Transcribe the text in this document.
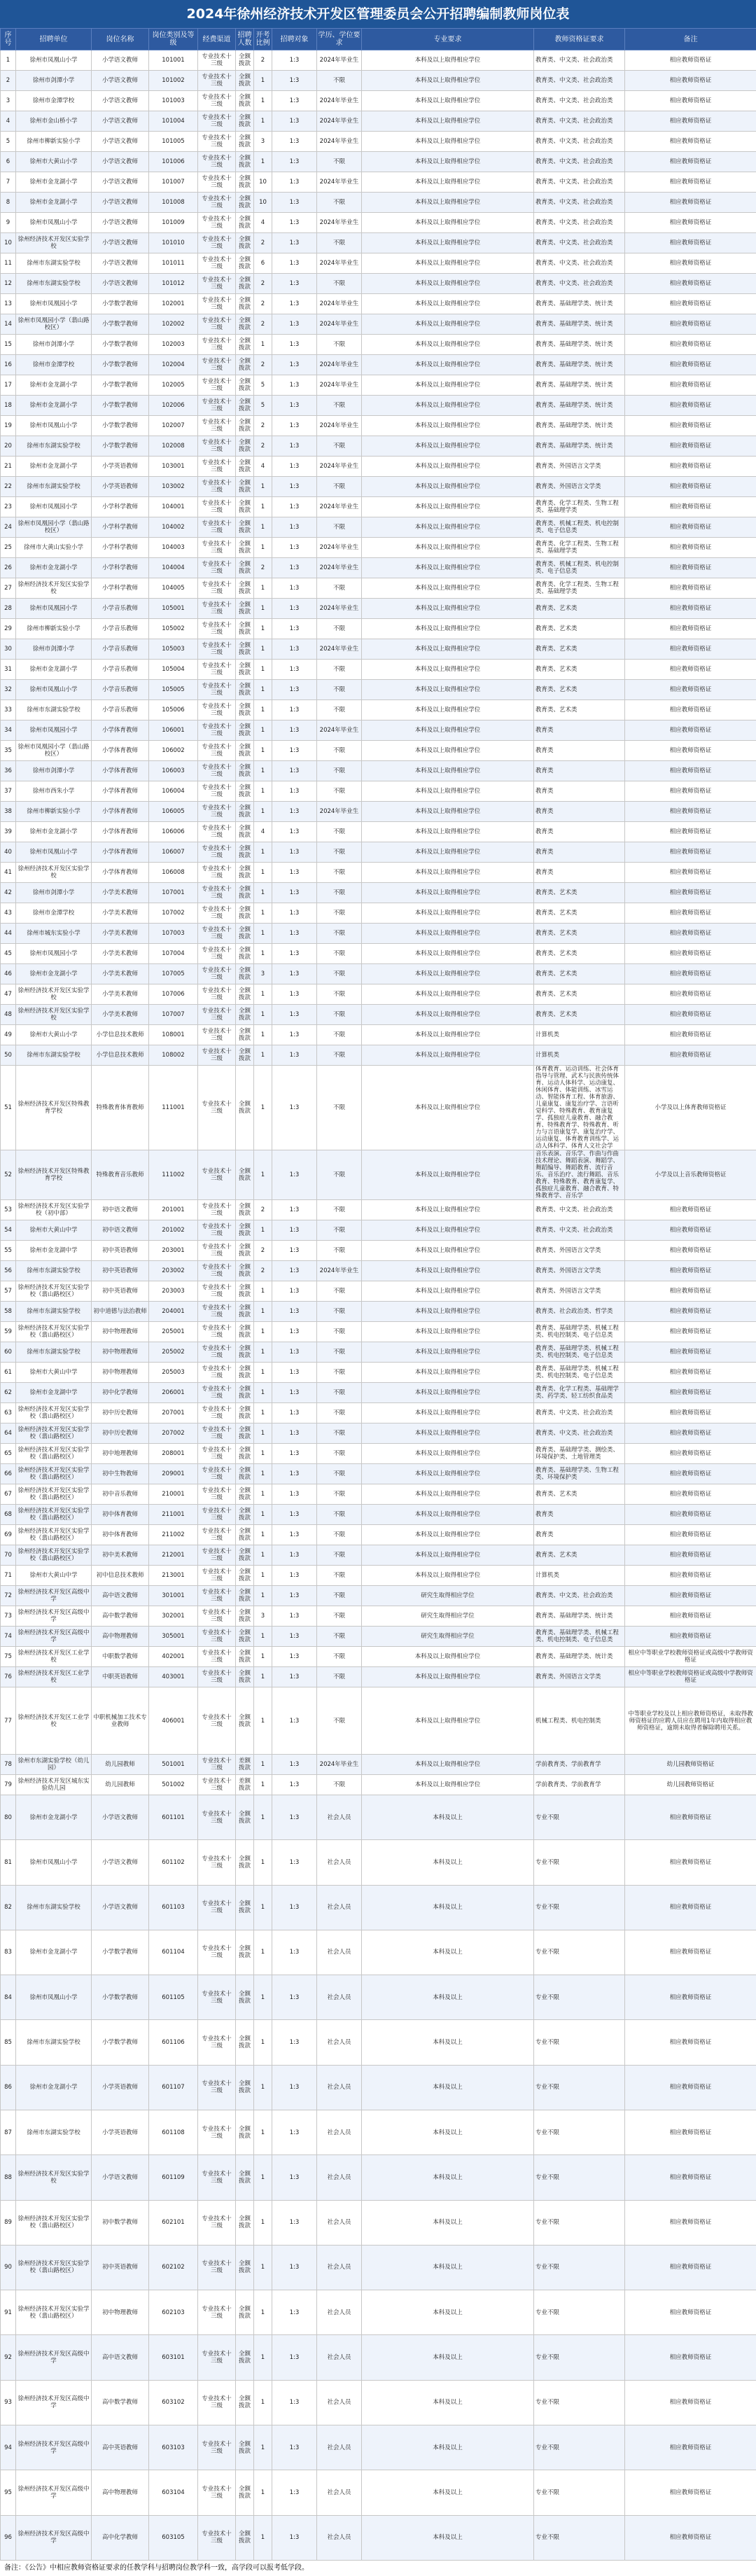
2024年徐州经济技术开发区管理委员会公开招聘编制教师岗位表
序号	招聘单位	岗位名称	岗位类别及等级	经费渠道	招聘人数	开考比例	招聘对象	学历、学位要求	专业要求	教师资格证要求	备注	
1	徐州市凤凰山小学	小学语文教师	101001	专业技术十三级	全额拨款	2	1:3	2024年毕业生	本科及以上取得相应学位	教育类、中文类、社会政治类	相应教师资格证	
2	徐州市剑潭小学	小学语文教师	101002	专业技术十三级	全额拨款	1	1:3	不限	本科及以上取得相应学位	教育类、中文类、社会政治类	相应教师资格证	
3	徐州市金潭学校	小学语文教师	101003	专业技术十三级	全额拨款	1	1:3	2024年毕业生	本科及以上取得相应学位	教育类、中文类、社会政治类	相应教师资格证	
4	徐州市金山桥小学	小学语文教师	101004	专业技术十三级	全额拨款	1	1:3	2024年毕业生	本科及以上取得相应学位	教育类、中文类、社会政治类	相应教师资格证	
5	徐州市柳新实验小学	小学语文教师	101005	专业技术十三级	全额拨款	3	1:3	2024年毕业生	本科及以上取得相应学位	教育类、中文类、社会政治类	相应教师资格证	
6	徐州市大黄山小学	小学语文教师	101006	专业技术十三级	全额拨款	1	1:3	不限	本科及以上取得相应学位	教育类、中文类、社会政治类	相应教师资格证	
7	徐州市金龙湖小学	小学语文教师	101007	专业技术十三级	全额拨款	10	1:3	2024年毕业生	本科及以上取得相应学位	教育类、中文类、社会政治类	相应教师资格证	
8	徐州市金龙湖小学	小学语文教师	101008	专业技术十三级	全额拨款	10	1:3	不限	本科及以上取得相应学位	教育类、中文类、社会政治类	相应教师资格证	
9	徐州市凤凰山小学	小学语文教师	101009	专业技术十三级	全额拨款	4	1:3	2024年毕业生	本科及以上取得相应学位	教育类、中文类、社会政治类	相应教师资格证	
10	徐州经济技术开发区实验学校	小学语文教师	101010	专业技术十三级	全额拨款	2	1:3	不限	本科及以上取得相应学位	教育类、中文类、社会政治类	相应教师资格证	
11	徐州市东湖实验学校	小学语文教师	101011	专业技术十三级	全额拨款	6	1:3	2024年毕业生	本科及以上取得相应学位	教育类、中文类、社会政治类	相应教师资格证	
12	徐州市东湖实验学校	小学语文教师	101012	专业技术十三级	全额拨款	2	1:3	不限	本科及以上取得相应学位	教育类、中文类、社会政治类	相应教师资格证	
13	徐州市凤凰园小学	小学数学教师	102001	专业技术十三级	全额拨款	2	1:3	2024年毕业生	本科及以上取得相应学位	教育类、基础理学类、统计类	相应教师资格证	
14	徐州市凤凰园小学（翡山路校区）	小学数学教师	102002	专业技术十三级	全额拨款	2	1:3	2024年毕业生	本科及以上取得相应学位	教育类、基础理学类、统计类	相应教师资格证	
15	徐州市剑潭小学	小学数学教师	102003	专业技术十三级	全额拨款	1	1:3	不限	本科及以上取得相应学位	教育类、基础理学类、统计类	相应教师资格证	
16	徐州市金潭学校	小学数学教师	102004	专业技术十三级	全额拨款	2	1:3	2024年毕业生	本科及以上取得相应学位	教育类、基础理学类、统计类	相应教师资格证	
17	徐州市金龙湖小学	小学数学教师	102005	专业技术十三级	全额拨款	5	1:3	2024年毕业生	本科及以上取得相应学位	教育类、基础理学类、统计类	相应教师资格证	
18	徐州市金龙湖小学	小学数学教师	102006	专业技术十三级	全额拨款	5	1:3	不限	本科及以上取得相应学位	教育类、基础理学类、统计类	相应教师资格证	
19	徐州市凤凰山小学	小学数学教师	102007	专业技术十三级	全额拨款	2	1:3	2024年毕业生	本科及以上取得相应学位	教育类、基础理学类、统计类	相应教师资格证	
20	徐州市东湖实验学校	小学数学教师	102008	专业技术十三级	全额拨款	2	1:3	不限	本科及以上取得相应学位	教育类、基础理学类、统计类	相应教师资格证	
21	徐州市金龙湖小学	小学英语教师	103001	专业技术十三级	全额拨款	4	1:3	2024年毕业生	本科及以上取得相应学位	教育类、外国语言文学类	相应教师资格证	
22	徐州市东湖实验学校	小学英语教师	103002	专业技术十三级	全额拨款	1	1:3	不限	本科及以上取得相应学位	教育类、外国语言文学类	相应教师资格证	
23	徐州市凤凰园小学	小学科学教师	104001	专业技术十三级	全额拨款	1	1:3	2024年毕业生	本科及以上取得相应学位	教育类、化学工程类、生物工程类、基础理学类	相应教师资格证	
24	徐州市凤凰园小学（翡山路校区）	小学科学教师	104002	专业技术十三级	全额拨款	1	1:3	不限	本科及以上取得相应学位	教育类、机械工程类、机电控制类、电子信息类	相应教师资格证	
25	徐州市大黄山实验小学	小学科学教师	104003	专业技术十三级	全额拨款	1	1:3	2024年毕业生	本科及以上取得相应学位	教育类、化学工程类、生物工程类、基础理学类	相应教师资格证	
26	徐州市金龙湖小学	小学科学教师	104004	专业技术十三级	全额拨款	2	1:3	2024年毕业生	本科及以上取得相应学位	教育类、机械工程类、机电控制类、电子信息类	相应教师资格证	
27	徐州经济技术开发区实验学校	小学科学教师	104005	专业技术十三级	全额拨款	1	1:3	不限	本科及以上取得相应学位	教育类、化学工程类、生物工程类、基础理学类	相应教师资格证	
28	徐州市凤凰园小学	小学音乐教师	105001	专业技术十三级	全额拨款	1	1:3	2024年毕业生	本科及以上取得相应学位	教育类、艺术类	相应教师资格证	
29	徐州市柳新实验小学	小学音乐教师	105002	专业技术十三级	全额拨款	1	1:3	不限	本科及以上取得相应学位	教育类、艺术类	相应教师资格证	
30	徐州市剑潭小学	小学音乐教师	105003	专业技术十三级	全额拨款	1	1:3	2024年毕业生	本科及以上取得相应学位	教育类、艺术类	相应教师资格证	
31	徐州市金龙湖小学	小学音乐教师	105004	专业技术十三级	全额拨款	1	1:3	不限	本科及以上取得相应学位	教育类、艺术类	相应教师资格证	
32	徐州市凤凰山小学	小学音乐教师	105005	专业技术十三级	全额拨款	1	1:3	不限	本科及以上取得相应学位	教育类、艺术类	相应教师资格证	
33	徐州市东湖实验学校	小学音乐教师	105006	专业技术十三级	全额拨款	1	1:3	不限	本科及以上取得相应学位	教育类、艺术类	相应教师资格证	
34	徐州市凤凰园小学	小学体育教师	106001	专业技术十三级	全额拨款	1	1:3	2024年毕业生	本科及以上取得相应学位	教育类	相应教师资格证	
35	徐州市凤凰园小学（翡山路校区）	小学体育教师	106002	专业技术十三级	全额拨款	1	1:3	不限	本科及以上取得相应学位	教育类	相应教师资格证	
36	徐州市剑潭小学	小学体育教师	106003	专业技术十三级	全额拨款	1	1:3	不限	本科及以上取得相应学位	教育类	相应教师资格证	
37	徐州市西朱小学	小学体育教师	106004	专业技术十三级	全额拨款	1	1:3	不限	本科及以上取得相应学位	教育类	相应教师资格证	
38	徐州市柳新实验小学	小学体育教师	106005	专业技术十三级	全额拨款	1	1:3	2024年毕业生	本科及以上取得相应学位	教育类	相应教师资格证	
39	徐州市金龙湖小学	小学体育教师	106006	专业技术十三级	全额拨款	4	1:3	不限	本科及以上取得相应学位	教育类	相应教师资格证	
40	徐州市凤凰山小学	小学体育教师	106007	专业技术十三级	全额拨款	1	1:3	不限	本科及以上取得相应学位	教育类	相应教师资格证	
41	徐州经济技术开发区实验学校	小学体育教师	106008	专业技术十三级	全额拨款	1	1:3	不限	本科及以上取得相应学位	教育类	相应教师资格证	
42	徐州市剑潭小学	小学美术教师	107001	专业技术十三级	全额拨款	1	1:3	不限	本科及以上取得相应学位	教育类、艺术类	相应教师资格证	
43	徐州市金潭学校	小学美术教师	107002	专业技术十三级	全额拨款	1	1:3	不限	本科及以上取得相应学位	教育类、艺术类	相应教师资格证	
44	徐州市城东实验小学	小学美术教师	107003	专业技术十三级	全额拨款	1	1:3	不限	本科及以上取得相应学位	教育类、艺术类	相应教师资格证	
45	徐州市凤凰园小学	小学美术教师	107004	专业技术十三级	全额拨款	1	1:3	不限	本科及以上取得相应学位	教育类、艺术类	相应教师资格证	
46	徐州市金龙湖小学	小学美术教师	107005	专业技术十三级	全额拨款	3	1:3	不限	本科及以上取得相应学位	教育类、艺术类	相应教师资格证	
47	徐州经济技术开发区实验学校	小学美术教师	107006	专业技术十三级	全额拨款	1	1:3	不限	本科及以上取得相应学位	教育类、艺术类	相应教师资格证	
48	徐州经济技术开发区实验学校	小学美术教师	107007	专业技术十三级	全额拨款	1	1:3	不限	本科及以上取得相应学位	教育类、艺术类	相应教师资格证	
49	徐州市大黄山小学	小学信息技术教师	108001	专业技术十三级	全额拨款	1	1:3	不限	本科及以上取得相应学位	计算机类	相应教师资格证	
50	徐州市东湖实验学校	小学信息技术教师	108002	专业技术十三级	全额拨款	1	1:3	不限	本科及以上取得相应学位	计算机类	相应教师资格证	
51	徐州经济技术开发区特殊教育学校	特殊教育体育教师	111001	专业技术十三级	全额拨款	1	1:3	不限	本科及以上取得相应学位	体育教育、运动训练、社会体育指导与管理、武术与民族传统体育、运动人体科学、运动康复、休闲体育、体能训练、冰雪运动、智能体育工程、体育旅游、儿童康复、康复治疗学、言语听觉科学、特殊教育、教育康复学、孤独症儿童教育、融合教育、特殊教育学、特殊教育、听力与言语康复学、康复治疗学、运动康复、体育教育训练学、运动人体科学、体育人文社会学	小学及以上体育教师资格证	
52	徐州经济技术开发区特殊教育学校	特殊教育音乐教师	111002	专业技术十三级	全额拨款	1	1:3	不限	本科及以上取得相应学位	音乐表演、音乐学、作曲与作曲技术理论、舞蹈表演、舞蹈学、舞蹈编导、舞蹈教育、流行音乐、音乐治疗、流行舞蹈、音乐教育、特殊教育、教育康复学、孤独症儿童教育、融合教育、特殊教育学、音乐学	小学及以上音乐教师资格证	
53	徐州经济技术开发区实验学校（初中部）	初中语文教师	201001	专业技术十三级	全额拨款	2	1:3	不限	本科及以上取得相应学位	教育类、中文类、社会政治类	相应教师资格证	
54	徐州市大黄山中学	初中语文教师	201002	专业技术十三级	全额拨款	1	1:3	不限	本科及以上取得相应学位	教育类、中文类、社会政治类	相应教师资格证	
55	徐州市金龙湖中学	初中英语教师	203001	专业技术十三级	全额拨款	2	1:3	不限	本科及以上取得相应学位	教育类、外国语言文学类	相应教师资格证	
56	徐州市东湖实验学校	初中英语教师	203002	专业技术十三级	全额拨款	2	1:3	2024年毕业生	本科及以上取得相应学位	教育类、外国语言文学类	相应教师资格证	
57	徐州经济技术开发区实验学校（翡山路校区）	初中英语教师	203003	专业技术十三级	全额拨款	1	1:3	不限	本科及以上取得相应学位	教育类、外国语言文学类	相应教师资格证	
58	徐州市东湖实验学校	初中道德与法治教师	204001	专业技术十三级	全额拨款	1	1:3	不限	本科及以上取得相应学位	教育类、社会政治类、哲学类	相应教师资格证	
59	徐州经济技术开发区实验学校（翡山路校区）	初中物理教师	205001	专业技术十三级	全额拨款	1	1:3	不限	本科及以上取得相应学位	教育类、基础理学类、机械工程类、机电控制类、电子信息类	相应教师资格证	
60	徐州市东湖实验学校	初中物理教师	205002	专业技术十三级	全额拨款	1	1:3	不限	本科及以上取得相应学位	教育类、基础理学类、机械工程类、机电控制类、电子信息类	相应教师资格证	
61	徐州市大黄山中学	初中物理教师	205003	专业技术十三级	全额拨款	1	1:3	不限	本科及以上取得相应学位	教育类、基础理学类、机械工程类、机电控制类、电子信息类	相应教师资格证	
62	徐州市金龙湖中学	初中化学教师	206001	专业技术十三级	全额拨款	1	1:3	不限	本科及以上取得相应学位	教育类、化学工程类、基础理学类、药学类、轻工纺织食品类	相应教师资格证	
63	徐州经济技术开发区实验学校（翡山路校区）	初中历史教师	207001	专业技术十三级	全额拨款	1	1:3	不限	本科及以上取得相应学位	教育类、中文类、社会政治类	相应教师资格证	
64	徐州经济技术开发区实验学校（翡山路校区）	初中历史教师	207002	专业技术十三级	全额拨款	1	1:3	不限	本科及以上取得相应学位	教育类、中文类、社会政治类	相应教师资格证	
65	徐州经济技术开发区实验学校（翡山路校区）	初中地理教师	208001	专业技术十三级	全额拨款	1	1:3	不限	本科及以上取得相应学位	教育类、基础理学类、测绘类、环境保护类、土地管理类	相应教师资格证	
66	徐州经济技术开发区实验学校（翡山路校区）	初中生物教师	209001	专业技术十三级	全额拨款	1	1:3	不限	本科及以上取得相应学位	教育类、基础理学类、生物工程类、环境保护类	相应教师资格证	
67	徐州经济技术开发区实验学校（翡山路校区）	初中音乐教师	210001	专业技术十三级	全额拨款	1	1:3	不限	本科及以上取得相应学位	教育类、艺术类	相应教师资格证	
68	徐州经济技术开发区实验学校（翡山路校区）	初中体育教师	211001	专业技术十三级	全额拨款	1	1:3	不限	本科及以上取得相应学位	教育类	相应教师资格证	
69	徐州经济技术开发区实验学校（翡山路校区）	初中体育教师	211002	专业技术十三级	全额拨款	1	1:3	不限	本科及以上取得相应学位	教育类	相应教师资格证	
70	徐州经济技术开发区实验学校（翡山路校区）	初中美术教师	212001	专业技术十三级	全额拨款	1	1:3	不限	本科及以上取得相应学位	教育类、艺术类	相应教师资格证	
71	徐州市大黄山中学	初中信息技术教师	213001	专业技术十三级	全额拨款	1	1:3	不限	本科及以上取得相应学位	计算机类	相应教师资格证	
72	徐州经济技术开发区高级中学	高中语文教师	301001	专业技术十三级	全额拨款	1	1:3	不限	研究生取得相应学位	教育类、中文类、社会政治类	相应教师资格证	
73	徐州经济技术开发区高级中学	高中数学教师	302001	专业技术十三级	全额拨款	3	1:3	不限	研究生取得相应学位	教育类、基础理学类、统计类	相应教师资格证	
74	徐州经济技术开发区高级中学	高中物理教师	305001	专业技术十三级	全额拨款	1	1:3	不限	研究生取得相应学位	教育类、基础理学类、机械工程类、机电控制类、电子信息类	相应教师资格证	
75	徐州经济技术开发区工业学校	中职数学教师	402001	专业技术十三级	全额拨款	1	1:3	不限	本科及以上取得相应学位	教育类、基础理学类、统计类	相应中等职业学校教师资格证或高级中学教师资格证	
76	徐州经济技术开发区工业学校	中职英语教师	403001	专业技术十三级	全额拨款	1	1:3	不限	本科及以上取得相应学位	教育类、外国语言文学类	相应中等职业学校教师资格证或高级中学教师资格证	
77	徐州经济技术开发区工业学校	中职机械加工技术专业教师	406001	专业技术十三级	全额拨款	1	1:3	不限	本科及以上取得相应学位	机械工程类、机电控制类	中等职业学校及以上相应教师资格证，未取得教师资格证的应聘人员应在聘用1年内取得相应教师资格证，逾期未取得者解除聘用关系。	
78	徐州市东湖实验学校（幼儿园）	幼儿园教师	501001	专业技术十三级	差额拨款	1	1:3	2024年毕业生	本科及以上取得相应学位	学前教育类、学前教育学	幼儿园教师资格证	
79	徐州经济技术开发区城东实验幼儿园	幼儿园教师	501002	专业技术十三级	差额拨款	1	1:3	不限	本科及以上取得相应学位	学前教育类、学前教育学	幼儿园教师资格证	
80	徐州市金龙湖小学	小学语文教师	601101	专业技术十三级	全额拨款	1	1:3	社会人员	本科及以上	专业不限	相应教师资格证	
81	徐州市凤凰山小学	小学语文教师	601102	专业技术十三级	全额拨款	1	1:3	社会人员	本科及以上	专业不限	相应教师资格证	
82	徐州市东湖实验学校	小学语文教师	601103	专业技术十三级	全额拨款	1	1:3	社会人员	本科及以上	专业不限	相应教师资格证	
83	徐州市金龙湖小学	小学数学教师	601104	专业技术十三级	全额拨款	1	1:3	社会人员	本科及以上	专业不限	相应教师资格证	
84	徐州市凤凰山小学	小学数学教师	601105	专业技术十三级	全额拨款	1	1:3	社会人员	本科及以上	专业不限	相应教师资格证	
85	徐州市东湖实验学校	小学数学教师	601106	专业技术十三级	全额拨款	1	1:3	社会人员	本科及以上	专业不限	相应教师资格证	
86	徐州市金龙湖小学	小学英语教师	601107	专业技术十三级	全额拨款	1	1:3	社会人员	本科及以上	专业不限	相应教师资格证	
87	徐州市东湖实验学校	小学英语教师	601108	专业技术十三级	全额拨款	1	1:3	社会人员	本科及以上	专业不限	相应教师资格证	
88	徐州经济技术开发区实验学校	小学语文教师	601109	专业技术十三级	全额拨款	1	1:3	社会人员	本科及以上	专业不限	相应教师资格证	
89	徐州经济技术开发区实验学校（翡山路校区）	初中数学教师	602101	专业技术十三级	全额拨款	1	1:3	社会人员	本科及以上	专业不限	相应教师资格证	
90	徐州经济技术开发区实验学校（翡山路校区）	初中英语教师	602102	专业技术十三级	全额拨款	1	1:3	社会人员	本科及以上	专业不限	相应教师资格证	
91	徐州经济技术开发区实验学校（翡山路校区）	初中物理教师	602103	专业技术十三级	全额拨款	1	1:3	社会人员	本科及以上	专业不限	相应教师资格证	
92	徐州经济技术开发区高级中学	高中语文教师	603101	专业技术十三级	全额拨款	1	1:3	社会人员	本科及以上	专业不限	相应教师资格证	
93	徐州经济技术开发区高级中学	高中数学教师	603102	专业技术十三级	全额拨款	1	1:3	社会人员	本科及以上	专业不限	相应教师资格证	
94	徐州经济技术开发区高级中学	高中英语教师	603103	专业技术十三级	全额拨款	1	1:3	社会人员	本科及以上	专业不限	相应教师资格证	
95	徐州经济技术开发区高级中学	高中物理教师	603104	专业技术十三级	全额拨款	1	1:3	社会人员	本科及以上	专业不限	相应教师资格证	
96	徐州经济技术开发区高级中学	高中化学教师	603105	专业技术十三级	全额拨款	1	1:3	社会人员	本科及以上	专业不限	相应教师资格证	
备注：《公告》中相应教师资格证要求的任教学科与招聘岗位教学科一致，高学段可以报考低学段。
